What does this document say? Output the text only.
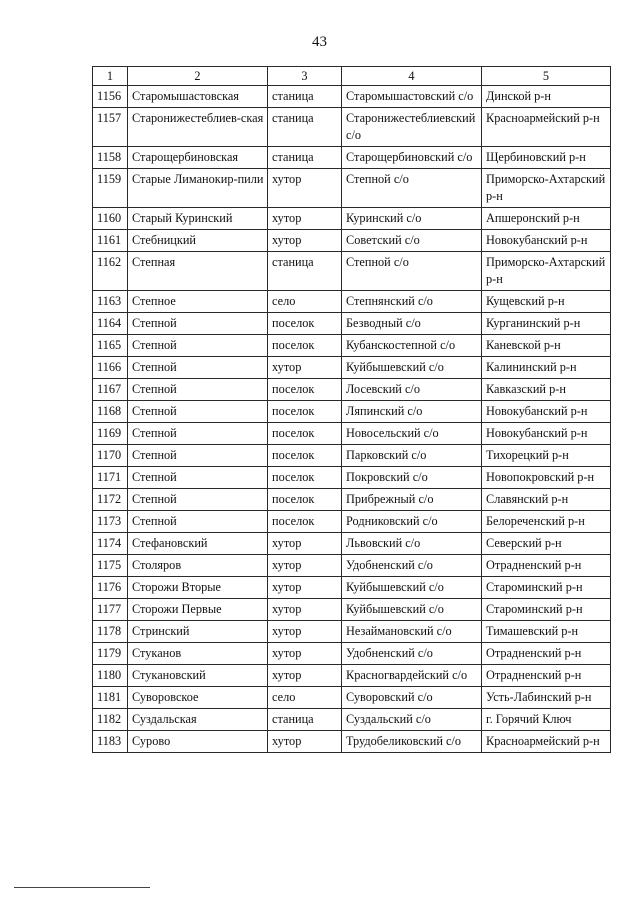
43
1	2	3	4	5
1156	Старомышастовская	станица	Старомышастовский с/о	Динской р-н
1157	Старонижестеблиев-ская	станица	Старонижестеблиевский с/о	Красноармейский р-н
1158	Старощербиновская	станица	Старощербиновский с/о	Щербиновский р-н
1159	Старые Лиманокир-пили	хутор	Степной с/о	Приморско-Ахтарский р-н
1160	Старый Куринский	хутор	Куринский с/о	Апшеронский р-н
1161	Стебницкий	хутор	Советский с/о	Новокубанский р-н
1162	Степная	станица	Степной с/о	Приморско-Ахтарский р-н
1163	Степное	село	Степнянский с/о	Кущевский р-н
1164	Степной	поселок	Безводный с/о	Курганинский р-н
1165	Степной	поселок	Кубанскостепной с/о	Каневской р-н
1166	Степной	хутор	Куйбышевский с/о	Калининский р-н
1167	Степной	поселок	Лосевский с/о	Кавказский р-н
1168	Степной	поселок	Ляпинский с/о	Новокубанский р-н
1169	Степной	поселок	Новосельский с/о	Новокубанский р-н
1170	Степной	поселок	Парковский с/о	Тихорецкий р-н
1171	Степной	поселок	Покровский с/о	Новопокровский р-н
1172	Степной	поселок	Прибрежный с/о	Славянский р-н
1173	Степной	поселок	Родниковский с/о	Белореченский р-н
1174	Стефановский	хутор	Львовский с/о	Северский р-н
1175	Столяров	хутор	Удобненский с/о	Отрадненский р-н
1176	Сторожи Вторые	хутор	Куйбышевский с/о	Староминский р-н
1177	Сторожи Первые	хутор	Куйбышевский с/о	Староминский р-н
1178	Стринский	хутор	Незаймановский с/о	Тимашевский р-н
1179	Стуканов	хутор	Удобненский с/о	Отрадненский р-н
1180	Стукановский	хутор	Красногвардейский с/о	Отрадненский р-н
1181	Суворовское	село	Суворовский с/о	Усть-Лабинский р-н
1182	Суздальская	станица	Суздальский с/о	г. Горячий Ключ
1183	Сурово	хутор	Трудобеликовский с/о	Красноармейский р-н
